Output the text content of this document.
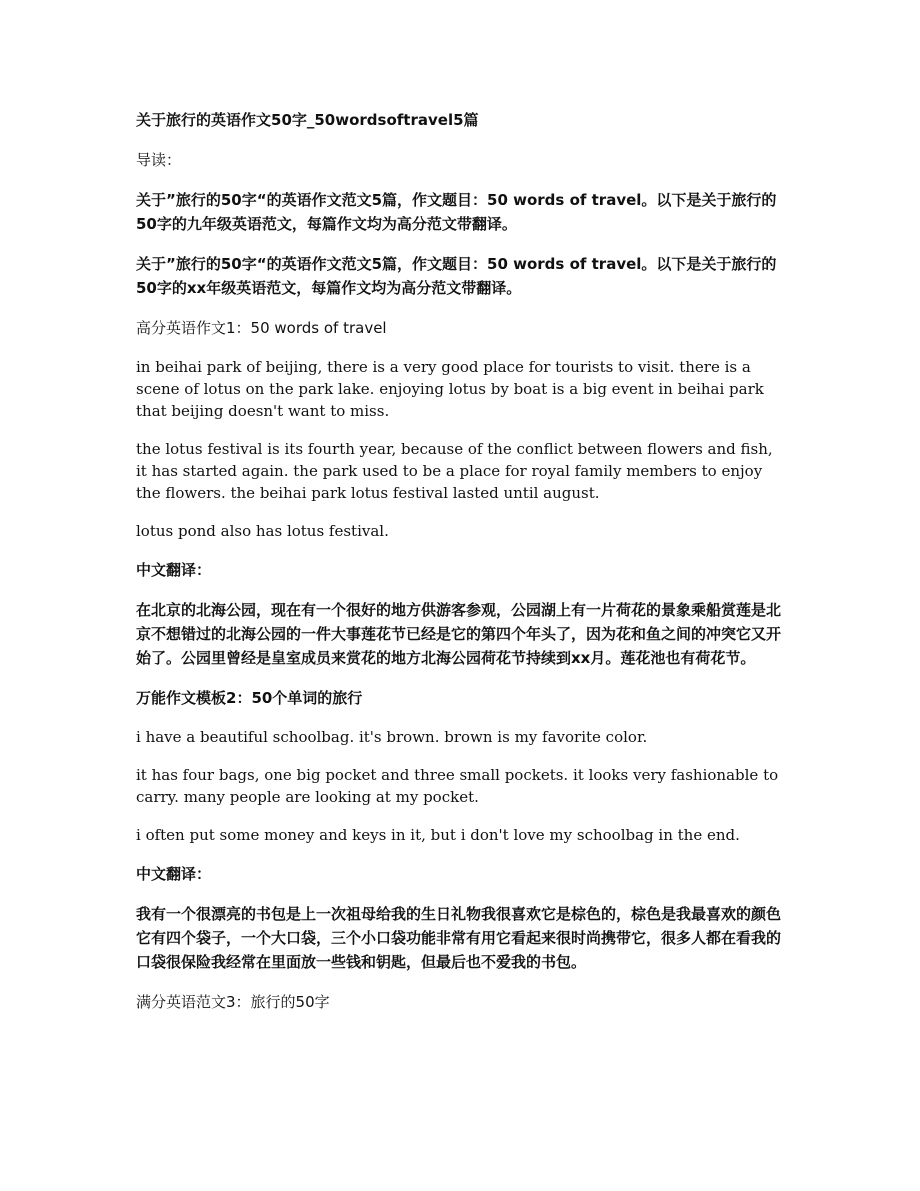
关于旅行的英语作文50字_50wordsoftravel5篇
导读：
关于”旅行的50字“的英语作文范文5篇，作文题目：50 words of travel。以下是关于旅行的50字的九年级英语范文，每篇作文均为高分范文带翻译。
关于”旅行的50字“的英语作文范文5篇，作文题目：50 words of travel。以下是关于旅行的50字的xx年级英语范文，每篇作文均为高分范文带翻译。
高分英语作文1：50 words of travel
in beihai park of beijing, there is a very good place for tourists to visit. there is a scene of lotus on the park lake. enjoying lotus by boat is a big event in beihai park that beijing doesn't want to miss.
the lotus festival is its fourth year, because of the conflict between flowers and fish, it has started again. the park used to be a place for royal family members to enjoy the flowers. the beihai park lotus festival lasted until august.
lotus pond also has lotus festival.
中文翻译：
在北京的北海公园，现在有一个很好的地方供游客参观，公园湖上有一片荷花的景象乘船赏莲是北京不想错过的北海公园的一件大事莲花节已经是它的第四个年头了，因为花和鱼之间的冲突它又开始了。公园里曾经是皇室成员来赏花的地方北海公园荷花节持续到xx月。莲花池也有荷花节。
万能作文模板2：50个单词的旅行
i have a beautiful schoolbag. it's brown. brown is my favorite color.
it has four bags, one big pocket and three small pockets. it looks very fashionable to carry. many people are looking at my pocket.
i often put some money and keys in it, but i don't love my schoolbag in the end.
中文翻译：
我有一个很漂亮的书包是上一次祖母给我的生日礼物我很喜欢它是棕色的，棕色是我最喜欢的颜色它有四个袋子，一个大口袋，三个小口袋功能非常有用它看起来很时尚携带它，很多人都在看我的口袋很保险我经常在里面放一些钱和钥匙，但最后也不爱我的书包。
满分英语范文3：旅行的50字
